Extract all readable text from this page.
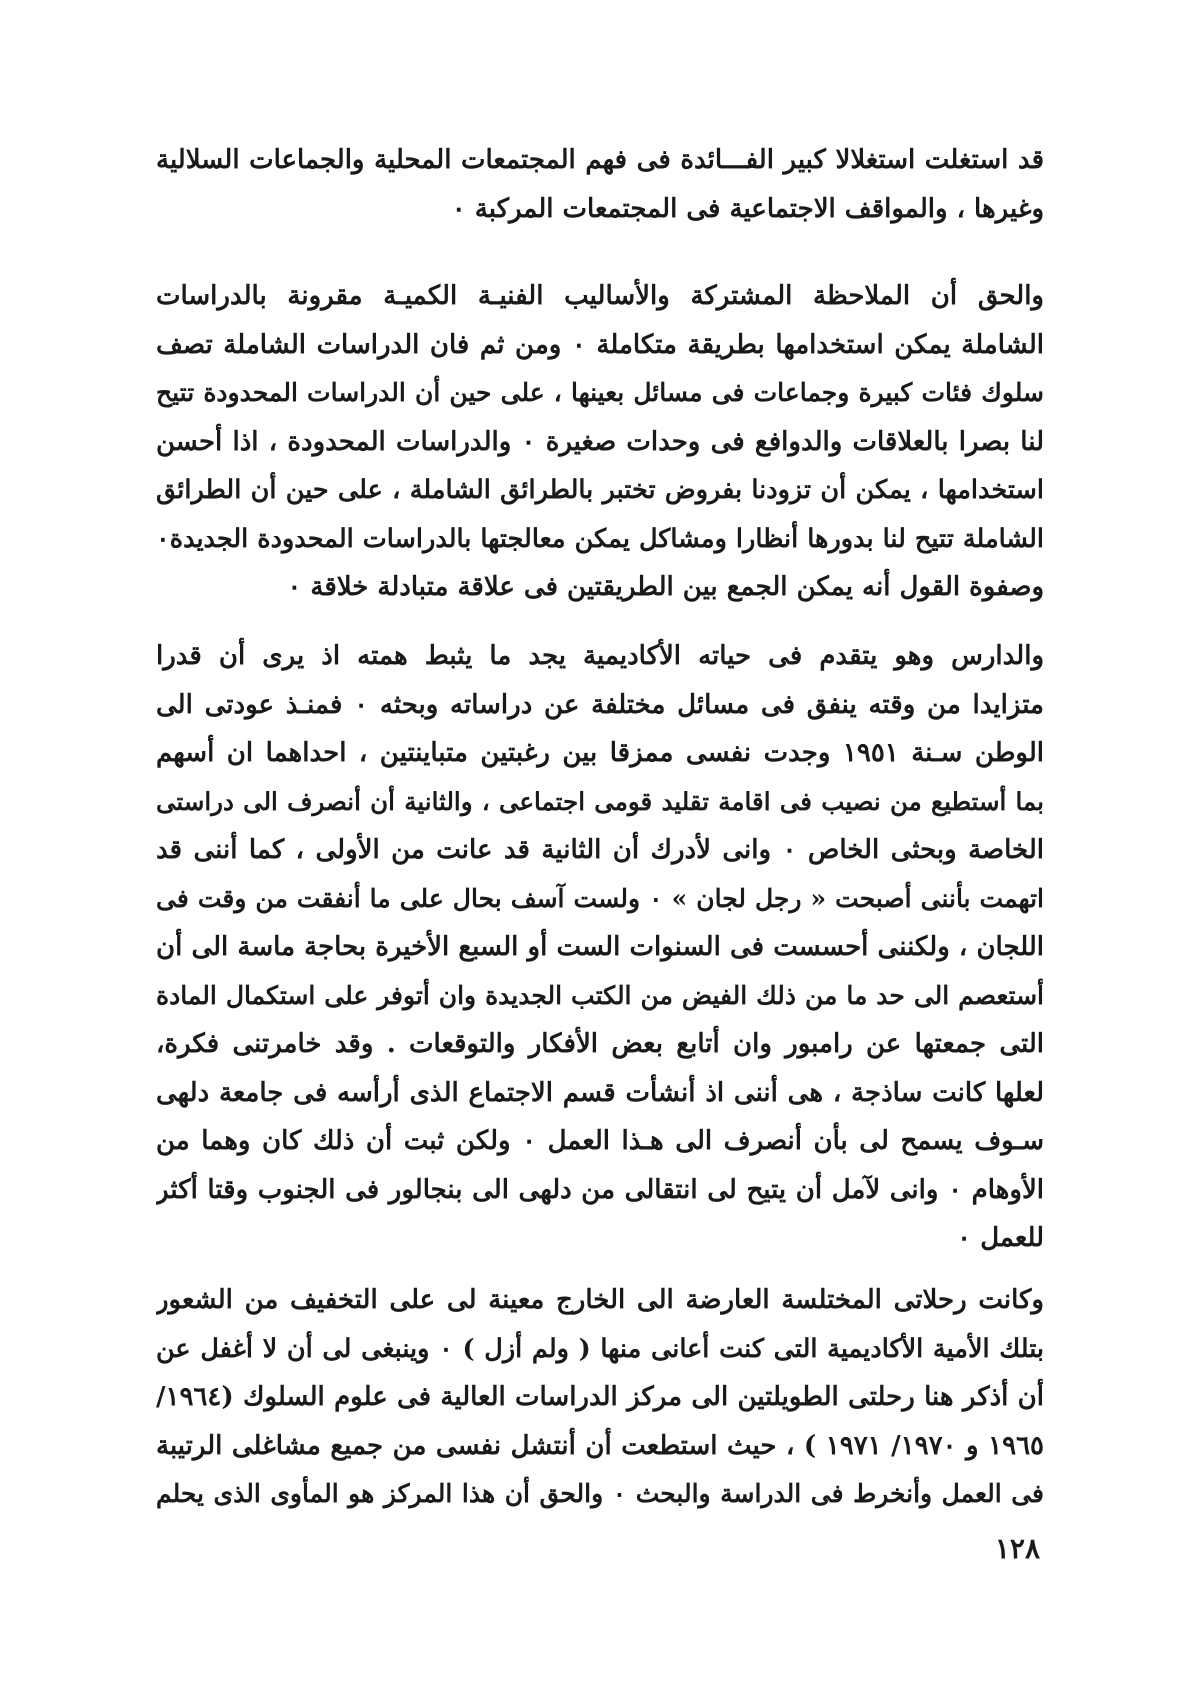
قد استغلت استغلالا كبير الفـــائدة فى فهم المجتمعات المحلية والجماعات السلالية
وغيرها ، والمواقف الاجتماعية فى المجتمعات المركبة ٠
والحق أن الملاحظة المشتركة والأساليب الفنيـة الكميـة مقرونة بالدراسات
الشاملة يمكن استخدامها بطريقة متكاملة ٠ ومن ثم فان الدراسات الشاملة تصف
سلوك فئات كبيرة وجماعات فى مسائل بعينها ، على حين أن الدراسات المحدودة تتيح
لنا بصرا بالعلاقات والدوافع فى وحدات صغيرة ٠ والدراسات المحدودة ، اذا أحسن
استخدامها ، يمكن أن تزودنا بفروض تختبر بالطرائق الشاملة ، على حين أن الطرائق
الشاملة تتيح لنا بدورها أنظارا ومشاكل يمكن معالجتها بالدراسات المحدودة الجديدة٠
وصفوة القول أنه يمكن الجمع بين الطريقتين فى علاقة متبادلة خلاقة ٠
والدارس وهو يتقدم فى حياته الأكاديمية يجد ما يثبط همته اذ يرى أن قدرا
متزايدا من وقته ينفق فى مسائل مختلفة عن دراساته وبحثه ٠ فمنـذ عودتى الى
الوطن سـنة ١٩٥١ وجدت نفسى ممزقا بين رغبتين متباينتين ، احداهما ان أسهم
بما أستطيع من نصيب فى اقامة تقليد قومى اجتماعى ، والثانية أن أنصرف الى دراستى
الخاصة وبحثى الخاص ٠ وانى لأدرك أن الثانية قد عانت من الأولى ، كما أننى قد
اتهمت بأننى أصبحت « رجل لجان » ٠ ولست آسف بحال على ما أنفقت من وقت فى
اللجان ، ولكننى أحسست فى السنوات الست أو السبع الأخيرة بحاجة ماسة الى أن
أستعصم الى حد ما من ذلك الفيض من الكتب الجديدة وان أتوفر على استكمال المادة
التى جمعتها عن رامبور وان أتابع بعض الأفكار والتوقعات . وقد خامرتنى فكرة،
لعلها كانت ساذجة ، هى أننى اذ أنشأت قسم الاجتماع الذى أرأسه فى جامعة دلهى
سـوف يسمح لى بأن أنصرف الى هـذا العمل ٠ ولكن ثبت أن ذلك كان وهما من
الأوهام ٠ وانى لآمل أن يتيح لى انتقالى من دلهى الى بنجالور فى الجنوب وقتا أكثر
للعمل ٠
وكانت رحلاتى المختلسة العارضة الى الخارج معينة لى على التخفيف من الشعور
بتلك الأمية الأكاديمية التى كنت أعانى منها ( ولم أزل ) ٠ وينبغى لى أن لا أغفل عن
أن أذكر هنا رحلتى الطويلتين الى مركز الدراسات العالية فى علوم السلوك (١٩٦٤/
١٩٦٥ و ١٩٧٠/ ١٩٧١ ) ، حيث استطعت أن أنتشل نفسى من جميع مشاغلى الرتيبة
فى العمل وأنخرط فى الدراسة والبحث ٠ والحق أن هذا المركز هو المأوى الذى يحلم
١٢٨
